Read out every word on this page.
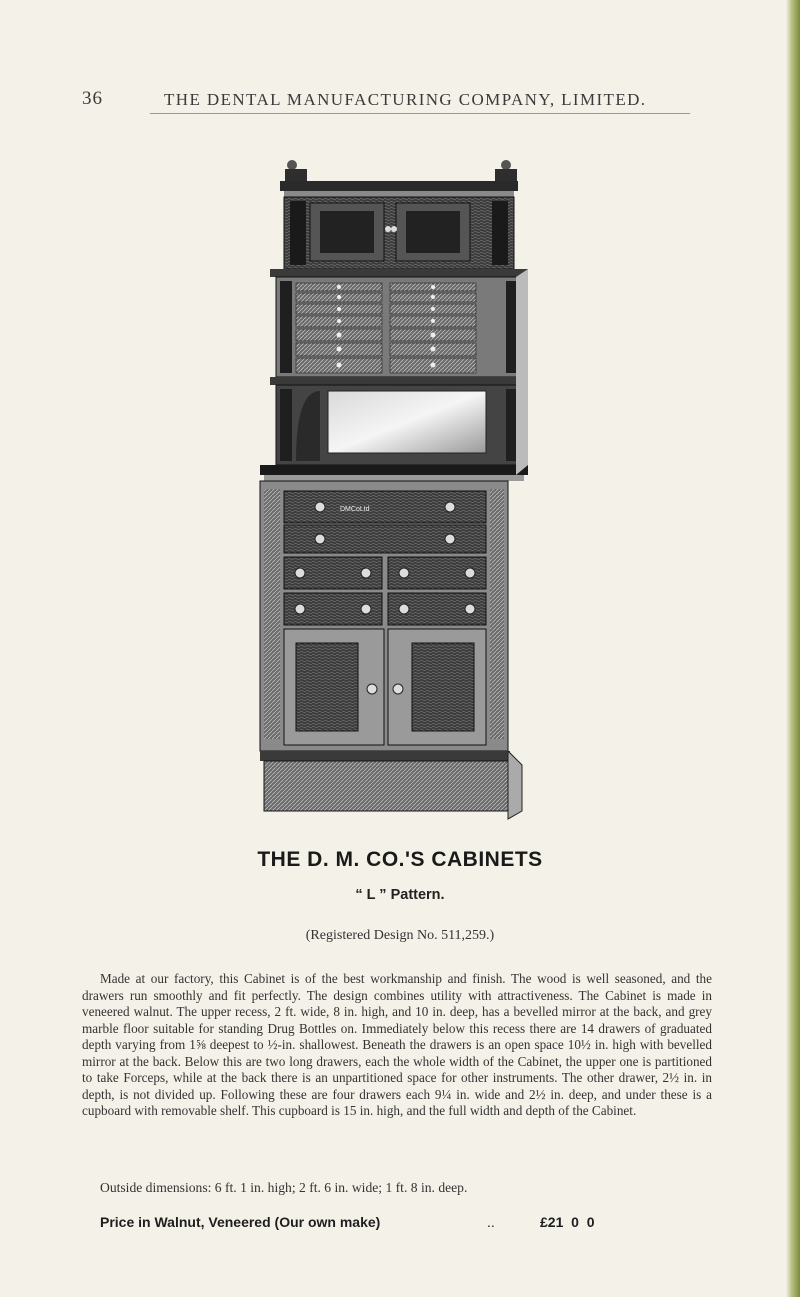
36	THE DENTAL MANUFACTURING COMPANY, LIMITED.
DMCoLtd
THE D. M. CO.'S CABINETS
“ L ” Pattern.
(Registered Design No. 511,259.)
Made at our factory, this Cabinet is of the best workmanship and finish. The wood is well seasoned, and the drawers run smoothly and fit perfectly. The design combines utility with attractiveness. The Cabinet is made in veneered walnut. The upper recess, 2 ft. wide, 8 in. high, and 10 in. deep, has a bevelled mirror at the back, and grey marble floor suitable for standing Drug Bottles on. Immediately below this recess there are 14 drawers of graduated depth varying from 1⅝ deepest to ½-in. shallowest. Beneath the drawers is an open space 10½ in. high with bevelled mirror at the back. Below this are two long drawers, each the whole width of the Cabinet, the upper one is partitioned to take Forceps, while at the back there is an unpartitioned space for other instruments. The other drawer, 2½ in. in depth, is not divided up. Following these are four drawers each 9¼ in. wide and 2½ in. deep, and under these is a cupboard with removable shelf. This cupboard is 15 in. high, and the full width and depth of the Cabinet.
Outside dimensions: 6 ft. 1 in. high; 2 ft. 6 in. wide; 1 ft. 8 in. deep.
Price in Walnut, Veneered (Our own make)	..	£21  0  0
